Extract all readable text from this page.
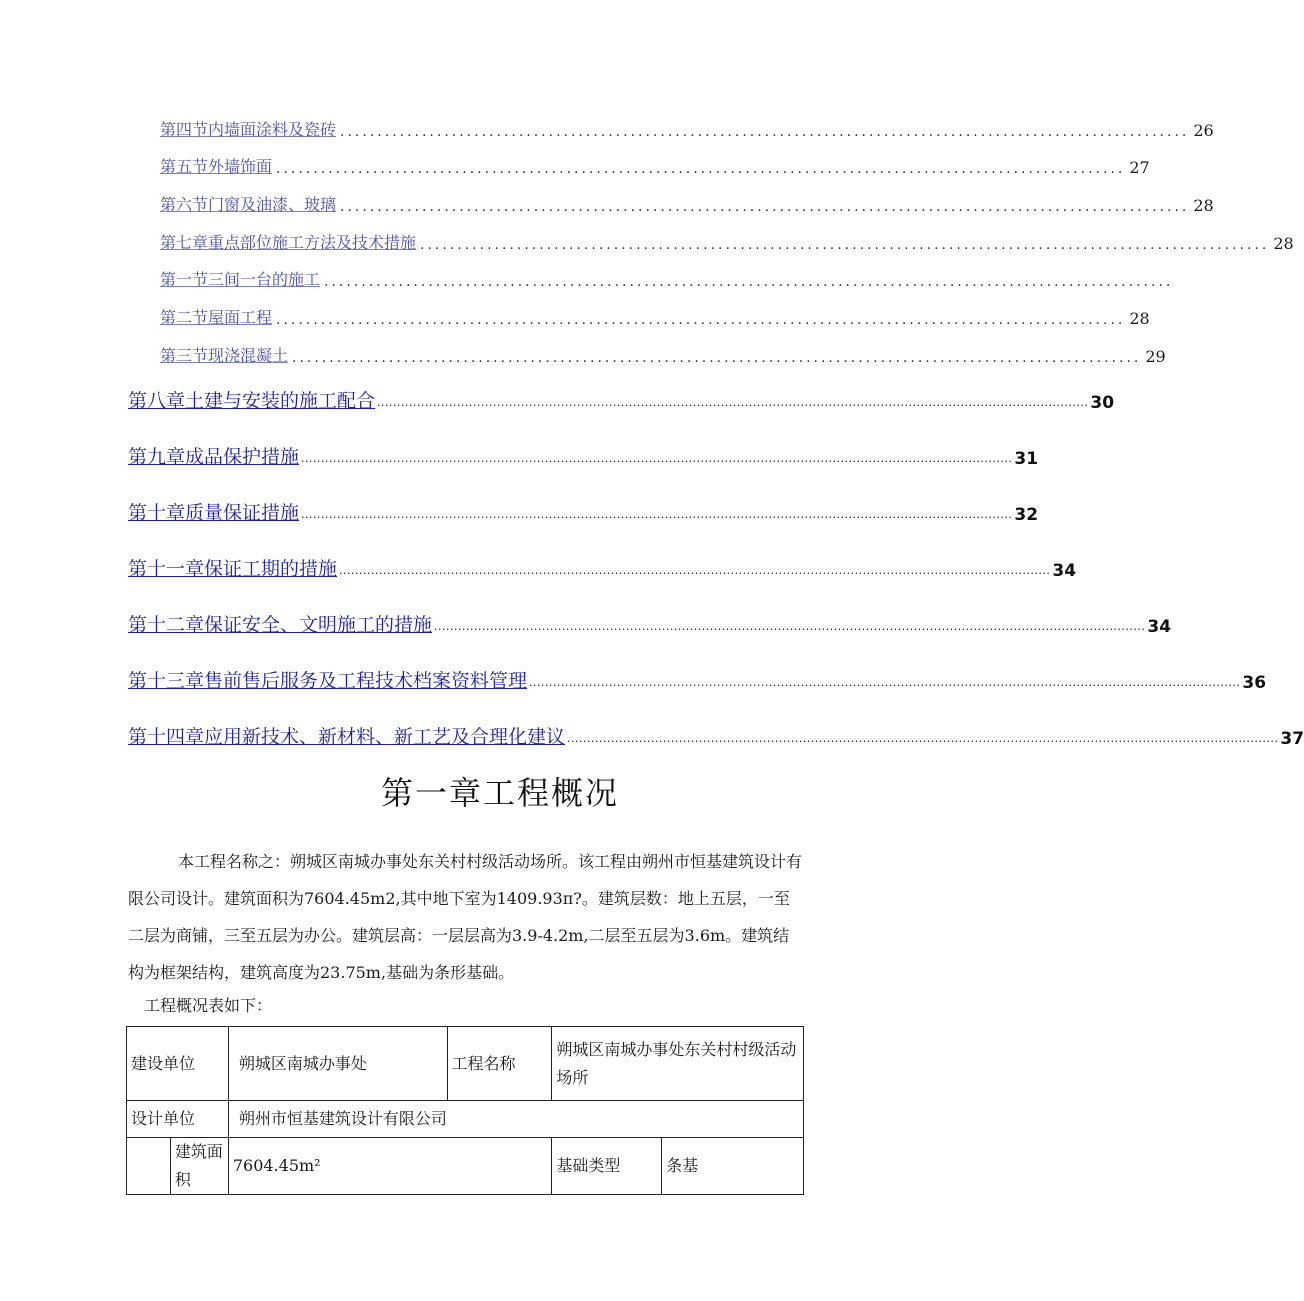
第四节内墙面涂料及瓷砖 .................................................................................................................. 26
第五节外墙饰面 .................................................................................................................. 27
第六节门窗及油漆、玻璃 .................................................................................................................. 28
第七章重点部位施工方法及技术措施 .................................................................................................................. 28
第一节三间一台的施工 ..................................................................................................................
第二节屋面工程 .................................................................................................................. 28
第三节现浇混凝土 .................................................................................................................. 29
第八章土建与安装的施工配合 .................................................................................................................................................................................. 30
第九章成品保护措施 .................................................................................................................................................................................. 31
第十章质量保证措施 .................................................................................................................................................................................. 32
第十一章保证工期的措施 .................................................................................................................................................................................. 34
第十二章保证安全、文明施工的措施 .................................................................................................................................................................................. 34
第十三章售前售后服务及工程技术档案资料管理 .................................................................................................................................................................................. 36
第十四章应用新技术、新材料、新工艺及合理化建议 .................................................................................................................................................................................. 37
第一章工程概况

本工程名称之：朔城区南城办事处东关村村级活动场所。该工程由朔州市恒基建筑设计有限公司设计。建筑面积为7604.45m2,其中地下室为1409.93π?。建筑层数：地上五层，一至二层为商铺，三至五层为办公。建筑层高：一层层高为3.9-4.2m,二层至五层为3.6m。建筑结构为框架结构，建筑高度为23.75m,基础为条形基础。

工程概况表如下：
建设单位		朔城区南城办事处	工程名称	朔城区南城办事处东关村村级活动场所	
设计单位		朔州市恒基建筑设计有限公司			
	建筑面积	7604.45m²		基础类型	条基
